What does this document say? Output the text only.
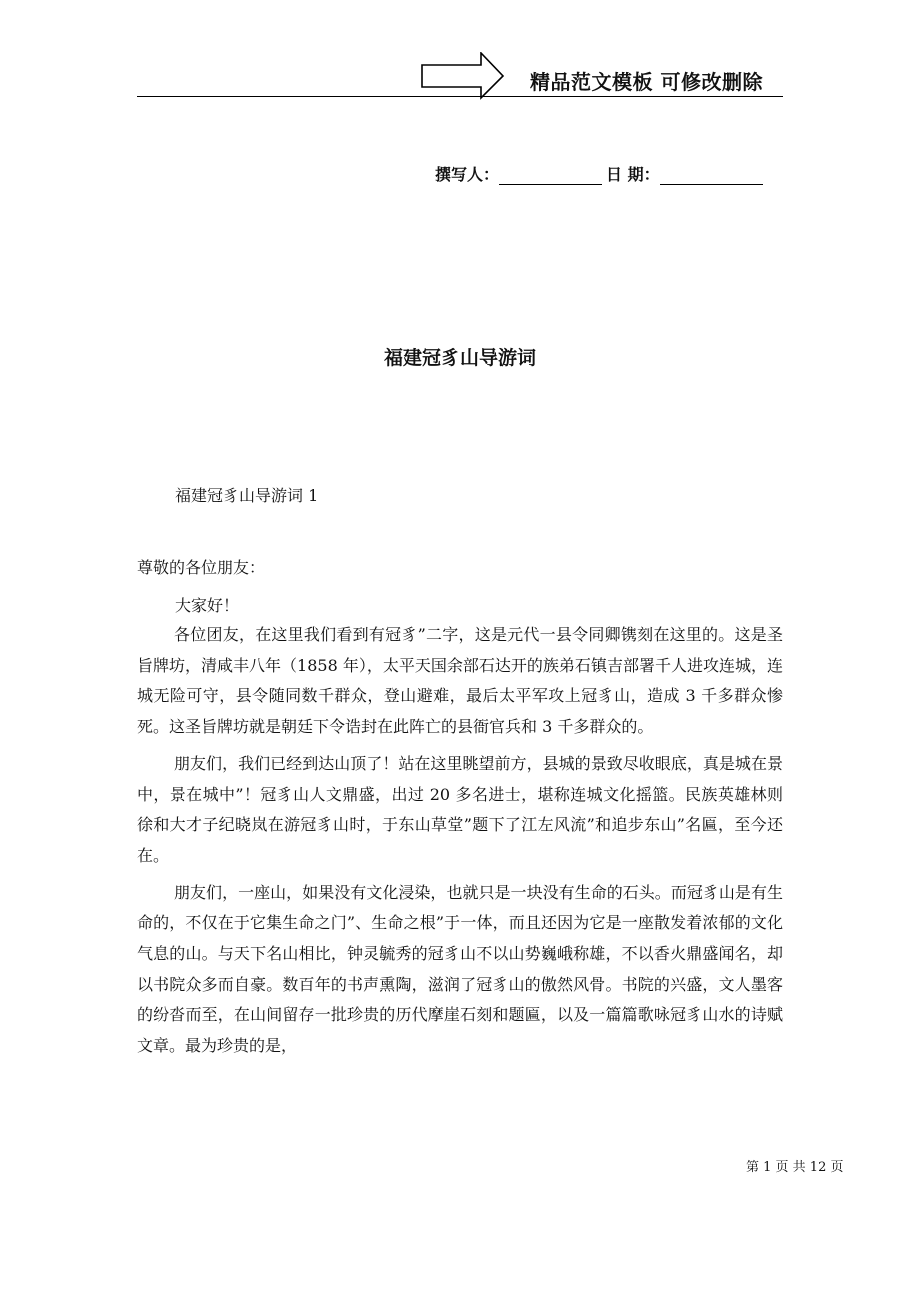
精品范文模板 可修改删除
撰写人：	日 期：
福建冠豸山导游词
福建冠豸山导游词 1
尊敬的各位朋友：
大家好！

各位团友，在这里我们看到有冠豸”二字，这是元代一县令同卿镌刻在这里的。这是圣旨牌坊，清咸丰八年（1858 年），太平天国余部石达开的族弟石镇吉部署千人进攻连城，连城无险可守，县令随同数千群众，登山避难，最后太平军攻上冠豸山，造成 3 千多群众惨死。这圣旨牌坊就是朝廷下令诰封在此阵亡的县衙官兵和 3 千多群众的。

朋友们，我们已经到达山顶了！站在这里眺望前方，县城的景致尽收眼底，真是城在景中，景在城中”！冠豸山人文鼎盛，出过 20 多名进士，堪称连城文化摇篮。民族英雄林则徐和大才子纪晓岚在游冠豸山时，于东山草堂”题下了江左风流”和追步东山”名匾，至今还在。

朋友们，一座山，如果没有文化浸染，也就只是一块没有生命的石头。而冠豸山是有生命的，不仅在于它集生命之门”、生命之根”于一体，而且还因为它是一座散发着浓郁的文化气息的山。与天下名山相比，钟灵毓秀的冠豸山不以山势巍峨称雄，不以香火鼎盛闻名，却以书院众多而自豪。数百年的书声熏陶，滋润了冠豸山的傲然风骨。书院的兴盛，文人墨客的纷沓而至，在山间留存一批珍贵的历代摩崖石刻和题匾，以及一篇篇歌咏冠豸山水的诗赋文章。最为珍贵的是，

第 1 页 共 12 页
